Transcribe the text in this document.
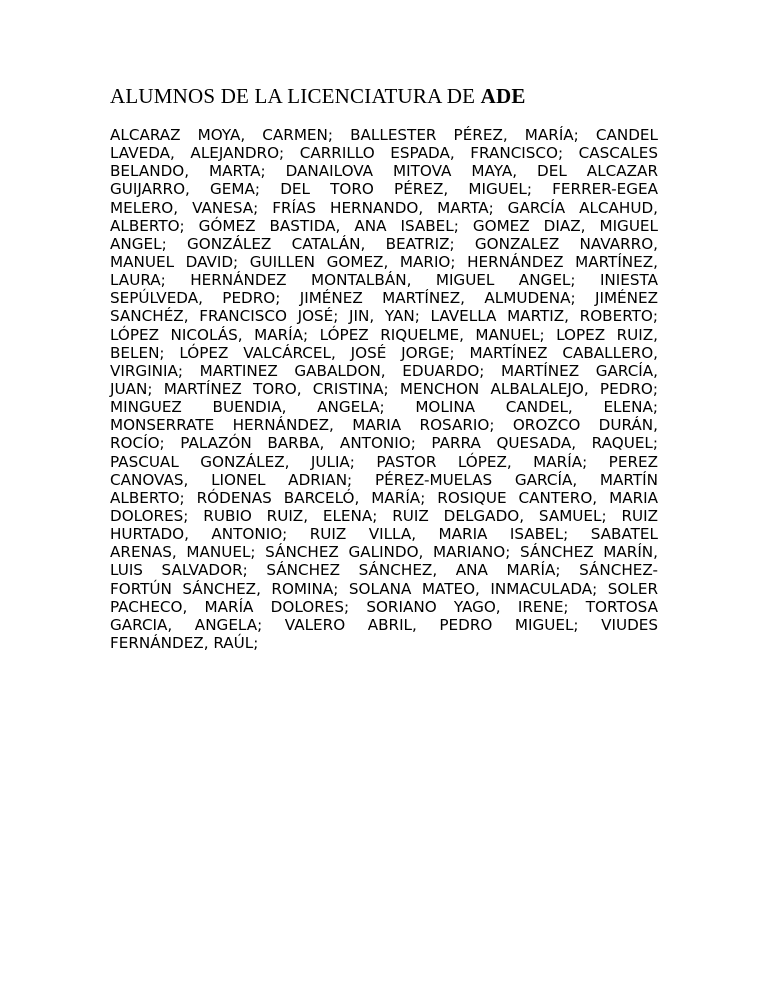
ALUMNOS DE LA LICENCIATURA DE ADE
ALCARAZ MOYA, CARMEN; BALLESTER PÉREZ, MARÍA; CANDEL
LAVEDA, ALEJANDRO; CARRILLO ESPADA, FRANCISCO; CASCALES
BELANDO, MARTA; DANAILOVA MITOVA MAYA, DEL ALCAZAR
GUIJARRO, GEMA; DEL TORO PÉREZ, MIGUEL; FERRER-EGEA
MELERO, VANESA; FRÍAS HERNANDO, MARTA; GARCÍA ALCAHUD,
ALBERTO; GÓMEZ BASTIDA, ANA ISABEL; GOMEZ DIAZ, MIGUEL
ANGEL; GONZÁLEZ CATALÁN, BEATRIZ; GONZALEZ NAVARRO,
MANUEL DAVID; GUILLEN GOMEZ, MARIO; HERNÁNDEZ MARTÍNEZ,
LAURA; HERNÁNDEZ MONTALBÁN, MIGUEL ANGEL; INIESTA
SEPÚLVEDA, PEDRO; JIMÉNEZ MARTÍNEZ, ALMUDENA; JIMÉNEZ
SANCHÉZ, FRANCISCO JOSÉ; JIN, YAN; LAVELLA MARTIZ, ROBERTO;
LÓPEZ NICOLÁS, MARÍA; LÓPEZ RIQUELME, MANUEL; LOPEZ RUIZ,
BELEN; LÓPEZ VALCÁRCEL, JOSÉ JORGE; MARTÍNEZ CABALLERO,
VIRGINIA; MARTINEZ GABALDON, EDUARDO; MARTÍNEZ GARCÍA,
JUAN; MARTÍNEZ TORO, CRISTINA; MENCHON ALBALALEJO, PEDRO;
MINGUEZ BUENDIA, ANGELA; MOLINA CANDEL, ELENA;
MONSERRATE HERNÁNDEZ, MARIA ROSARIO; OROZCO DURÁN,
ROCÍO; PALAZÓN BARBA, ANTONIO; PARRA QUESADA, RAQUEL;
PASCUAL GONZÁLEZ, JULIA; PASTOR LÓPEZ, MARÍA; PEREZ
CANOVAS, LIONEL ADRIAN; PÉREZ-MUELAS GARCÍA, MARTÍN
ALBERTO; RÓDENAS BARCELÓ, MARÍA; ROSIQUE CANTERO, MARIA
DOLORES; RUBIO RUIZ, ELENA; RUIZ DELGADO, SAMUEL; RUIZ
HURTADO, ANTONIO; RUIZ VILLA, MARIA ISABEL; SABATEL
ARENAS, MANUEL; SÁNCHEZ GALINDO, MARIANO; SÁNCHEZ MARÍN,
LUIS SALVADOR; SÁNCHEZ SÁNCHEZ, ANA MARÍA; SÁNCHEZ-
FORTÚN SÁNCHEZ, ROMINA; SOLANA MATEO, INMACULADA; SOLER
PACHECO, MARÍA DOLORES; SORIANO YAGO, IRENE; TORTOSA
GARCIA, ANGELA; VALERO ABRIL, PEDRO MIGUEL; VIUDES
FERNÁNDEZ, RAÚL;
